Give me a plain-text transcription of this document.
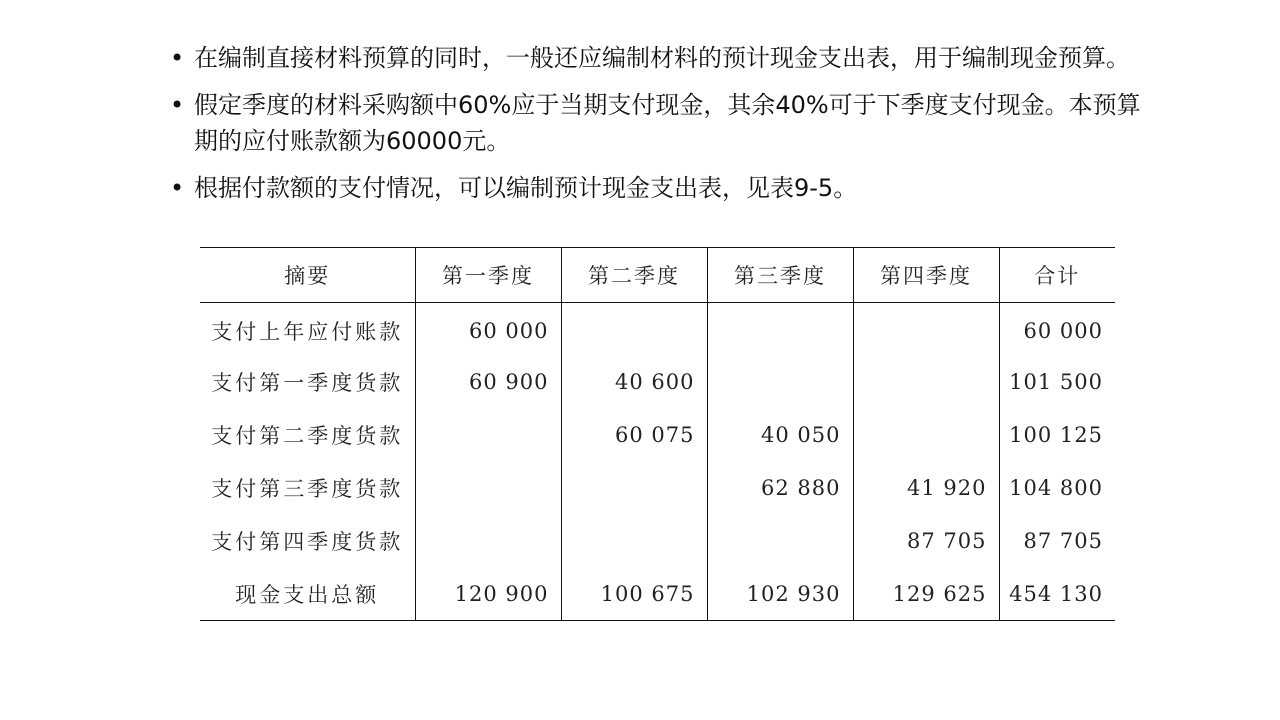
• 在编制直接材料预算的同时，一般还应编制材料的预计现金支出表，用于编制现金预算。
• 假定季度的材料采购额中60%应于当期支付现金，其余40%可于下季度支付现金。本预算期的应付账款额为60000元。
• 根据付款额的支付情况，可以编制预计现金支出表，见表9-5。
摘要	第一季度	第二季度	第三季度	第四季度	合计
支付上年应付账款	60 000				60 000
支付第一季度货款	60 900	40 600			101 500
支付第二季度货款		60 075	40 050		100 125
支付第三季度货款			62 880	41 920	104 800
支付第四季度货款				87 705	87 705
现金支出总额	120 900	100 675	102 930	129 625	454 130
